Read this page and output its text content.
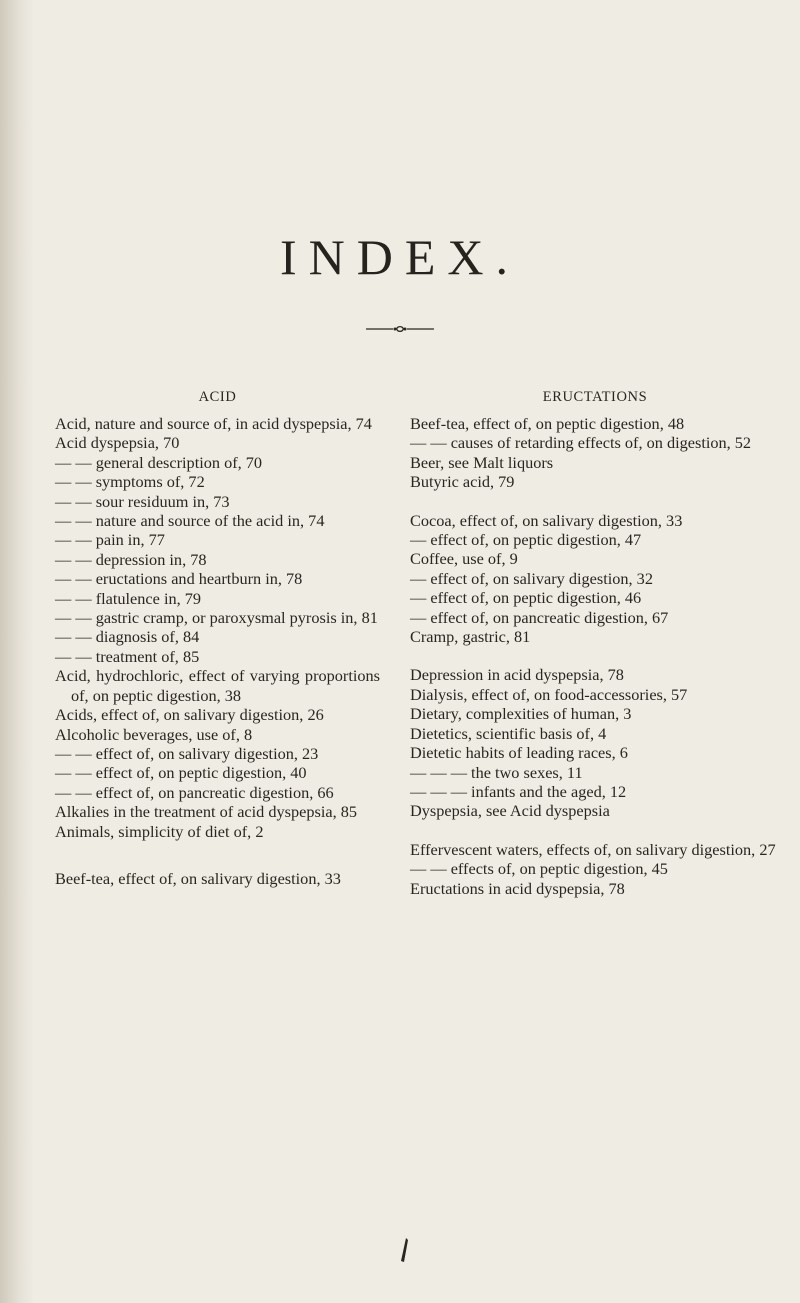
INDEX.
ACID
Acid, nature and source of, in acid dyspepsia, 74
Acid dyspepsia, 70
— — general description of, 70
— — symptoms of, 72
— — sour residuum in, 73
— — nature and source of the acid in, 74
— — pain in, 77
— — depression in, 78
— — eructations and heartburn in, 78
— — flatulence in, 79
— — gastric cramp, or paroxysmal pyrosis in, 81
— — diagnosis of, 84
— — treatment of, 85
Acid, hydrochloric, effect of varying proportions of, on peptic digestion, 38
Acids, effect of, on salivary digestion, 26
Alcoholic beverages, use of, 8
— — effect of, on salivary digestion, 23
— — effect of, on peptic digestion, 40
— — effect of, on pancreatic digestion, 66
Alkalies in the treatment of acid dyspepsia, 85
Animals, simplicity of diet of, 2
Beef-tea, effect of, on salivary digestion, 33
ERUCTATIONS
Beef-tea, effect of, on peptic digestion, 48
— — causes of retarding effects of, on digestion, 52
Beer, see Malt liquors
Butyric acid, 79
Cocoa, effect of, on salivary digestion, 33
— effect of, on peptic digestion, 47
Coffee, use of, 9
— effect of, on salivary digestion, 32
— effect of, on peptic digestion, 46
— effect of, on pancreatic digestion, 67
Cramp, gastric, 81
Depression in acid dyspepsia, 78
Dialysis, effect of, on food-accessories, 57
Dietary, complexities of human, 3
Dietetics, scientific basis of, 4
Dietetic habits of leading races, 6
— — — the two sexes, 11
— — — infants and the aged, 12
Dyspepsia, see Acid dyspepsia
Effervescent waters, effects of, on salivary digestion, 27
— — effects of, on peptic digestion, 45
Eructations in acid dyspepsia, 78
